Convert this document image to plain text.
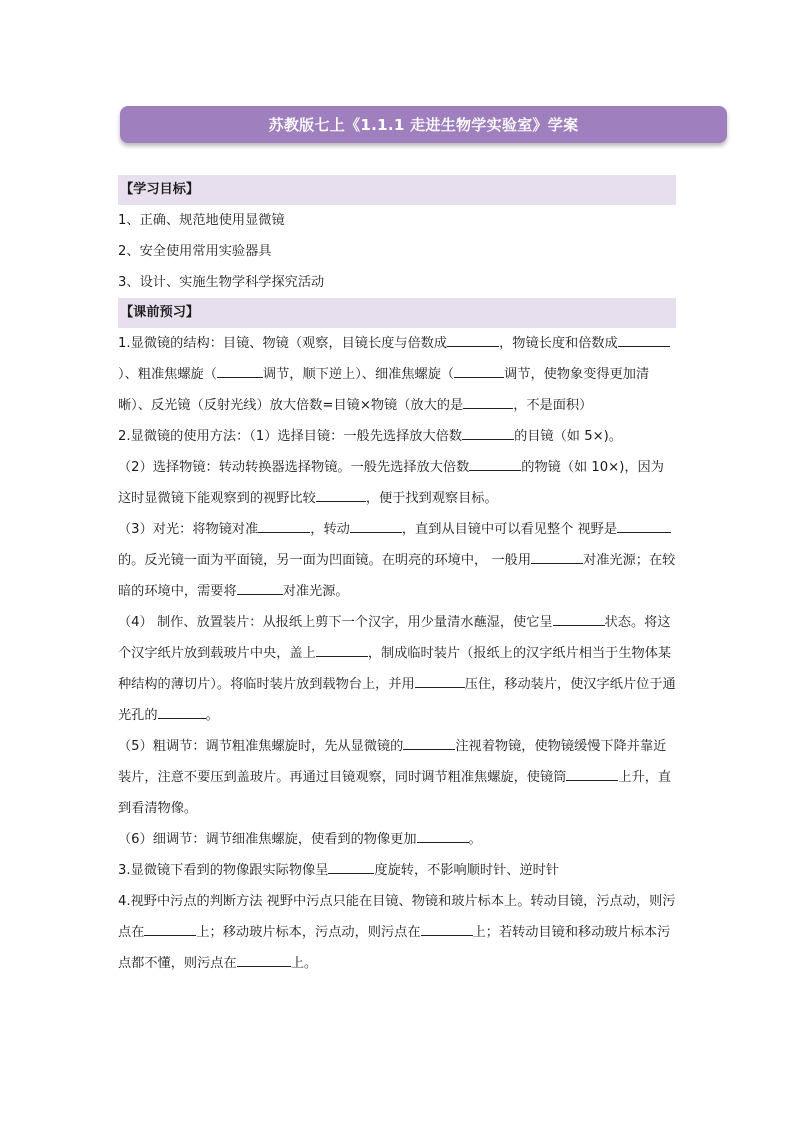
苏教版七上《1.1.1 走进生物学实验室》学案
【学习目标】
1、正确、规范地使用显微镜
2、安全使用常用实验器具
3、设计、实施生物学科学探究活动
【课前预习】

1.显微镜的结构：目镜、物镜（观察，目镜长度与倍数成	，物镜长度和倍数成）、粗准焦螺旋（	调节，顺下逆上）、细准焦螺旋（	调节，使物象变得更加清晰）、反光镜（反射光线）放大倍数=目镜×物镜（放大的是	，不是面积）

2.显微镜的使用方法：（1）选择目镜：一般先选择放大倍数	的目镜（如 5×)。

（2）选择物镜：转动转换器选择物镜。一般先选择放大倍数	的物镜（如 10×)，因为这时显微镜下能观察到的视野比较	，便于找到观察目标。

（3）对光：将物镜对准	，转动	，直到从目镜中可以看见整个 视野是的。反光镜一面为平面镜，另一面为凹面镜。在明亮的环境中， 一般用	对准光源；在较暗的环境中，需要将	对准光源。

（4） 制作、放置装片：从报纸上剪下一个汉字，用少量清水蘸湿，使它呈	状态。将这个汉字纸片放到载玻片中央，盖上	，制成临时装片（报纸上的汉字纸片相当于生物体某种结构的薄切片）。将临时装片放到载物台上，并用	压住，移动装片，使汉字纸片位于通光孔的	。

（5）粗调节：调节粗准焦螺旋时，先从显微镜的	注视着物镜，使物镜缓慢下降并靠近装片，注意不要压到盖玻片。再通过目镜观察，同时调节粗准焦螺旋，使镜筒	上升，直到看清物像。

（6）细调节：调节细准焦螺旋，使看到的物像更加	。

3.显微镜下看到的物像跟实际物像呈	度旋转，不影响顺时针、逆时针

4.视野中污点的判断方法 视野中污点只能在目镜、物镜和玻片标本上。转动目镜，污点动，则污点在	上；移动玻片标本，污点动，则污点在	上；若转动目镜和移动玻片标本污点都不懂，则污点在	上。
